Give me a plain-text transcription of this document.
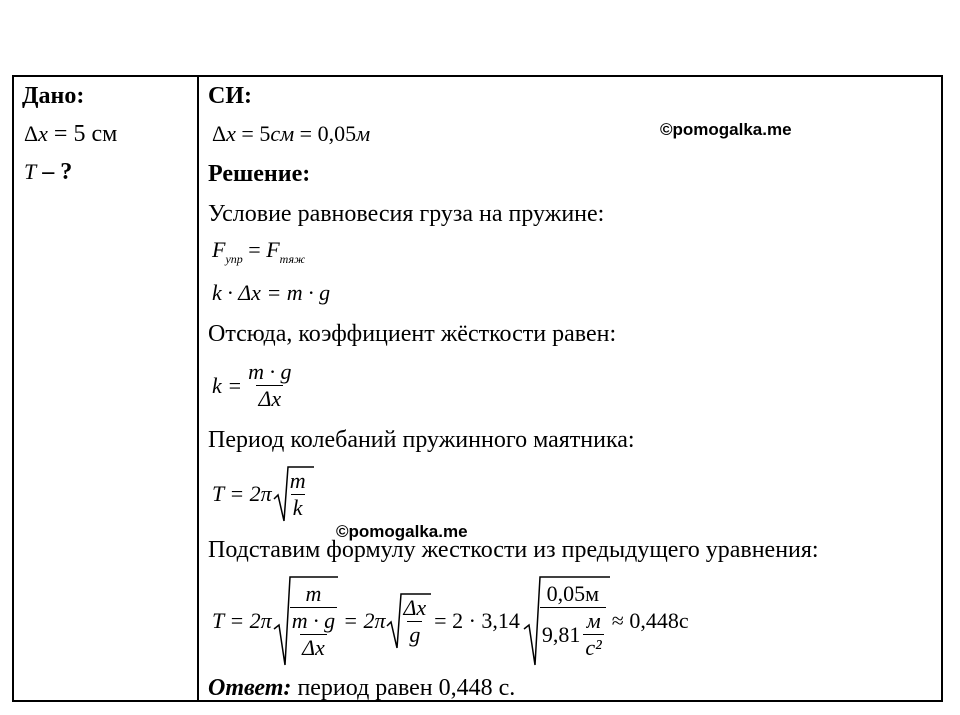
Дано:
Δx = 5 см
T – ?
СИ:
Δx = 5см = 0,05м	©pomogalka.me
Решение:
Условие равновесия груза на пружине:
$F_{упр} = F_{тяж}$
k · Δx = m · g
Отсюда, коэффициент жёсткости равен:
$k = \frac{m \cdot g}{\Delta x}$
Период колебаний пружинного маятника:
$T = 2\pi \frac{m}{k}$
©pomogalka.me
Подставим формулу жесткости из предыдущего уравнения:
$T = 2\pi \frac{m}{\frac{m \cdot g}{\Delta x}} = 2\pi \frac{\Delta x}{g} = 2 \cdot 3,14 \frac{0,05м}{9,81 \frac{м}{\text{c²}}} \approx 0,448c$
Ответ: период равен 0,448 с.
